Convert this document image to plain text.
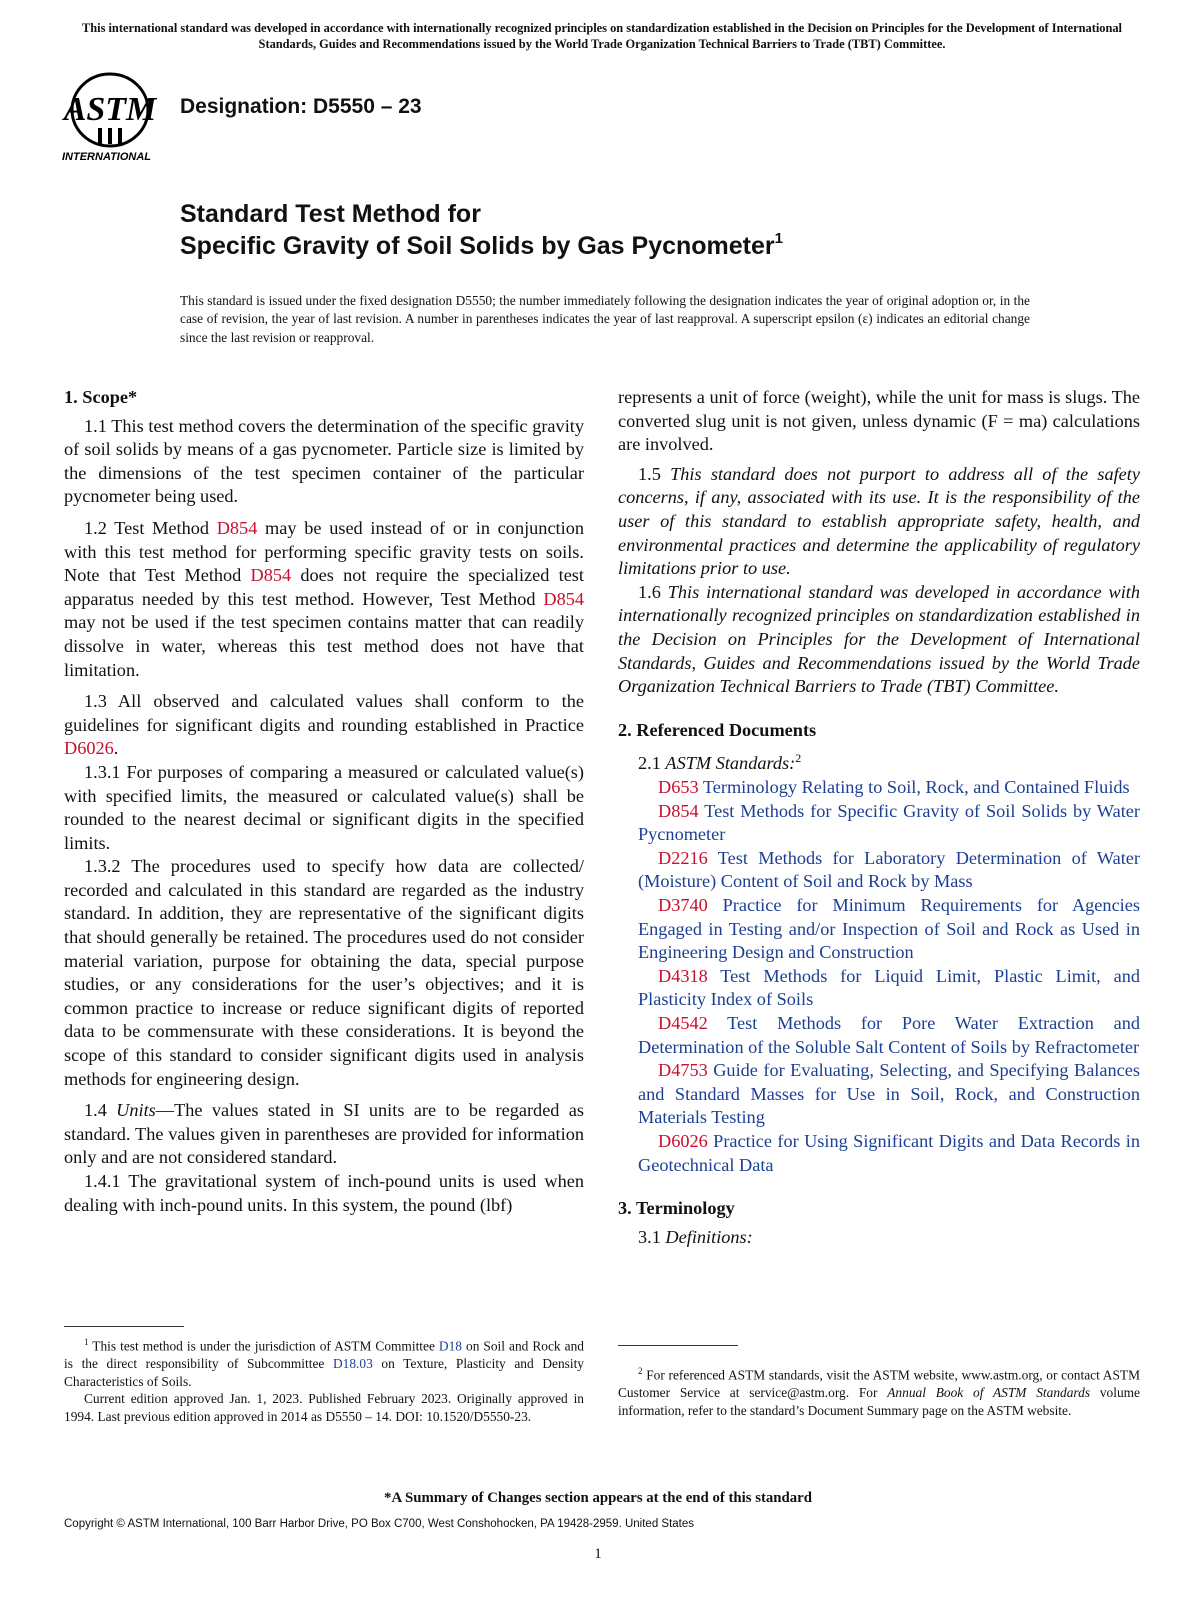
This international standard was developed in accordance with internationally recognized principles on standardization established in the Decision on Principles for the Development of International Standards, Guides and Recommendations issued by the World Trade Organization Technical Barriers to Trade (TBT) Committee.
ASTM
INTERNATIONAL
Designation: D5550 – 23
Standard Test Method for
Specific Gravity of Soil Solids by Gas Pycnometer$^1$
This standard is issued under the fixed designation D5550; the number immediately following the designation indicates the year of original adoption or, in the case of revision, the year of last revision. A number in parentheses indicates the year of last reapproval. A superscript epsilon (ε) indicates an editorial change since the last revision or reapproval.

1. Scope*

1.1 This test method covers the determination of the specific gravity of soil solids by means of a gas pycnometer. Particle size is limited by the dimensions of the test specimen container of the particular pycnometer being used.

1.2 Test Method D854 may be used instead of or in conjunction with this test method for performing specific gravity tests on soils. Note that Test Method D854 does not require the specialized test apparatus needed by this test method. However, Test Method D854 may not be used if the test specimen contains matter that can readily dissolve in water, whereas this test method does not have that limitation.

1.3 All observed and calculated values shall conform to the guidelines for significant digits and rounding established in Practice D6026.

1.3.1 For purposes of comparing a measured or calculated value(s) with specified limits, the measured or calculated value(s) shall be rounded to the nearest decimal or significant digits in the specified limits.

1.3.2 The procedures used to specify how data are collected/ recorded and calculated in this standard are regarded as the industry standard. In addition, they are representative of the significant digits that should generally be retained. The procedures used do not consider material variation, purpose for obtaining the data, special purpose studies, or any considerations for the user’s objectives; and it is common practice to increase or reduce significant digits of reported data to be commensurate with these considerations. It is beyond the scope of this standard to consider significant digits used in analysis methods for engineering design.

1.4 Units—The values stated in SI units are to be regarded as standard. The values given in parentheses are provided for information only and are not considered standard.

1.4.1 The gravitational system of inch-pound units is used when dealing with inch-pound units. In this system, the pound (lbf)

represents a unit of force (weight), while the unit for mass is slugs. The converted slug unit is not given, unless dynamic (F = ma) calculations are involved.

1.5 This standard does not purport to address all of the safety concerns, if any, associated with its use. It is the responsibility of the user of this standard to establish appropriate safety, health, and environmental practices and determine the applicability of regulatory limitations prior to use.

1.6 This international standard was developed in accordance with internationally recognized principles on standardization established in the Decision on Principles for the Development of International Standards, Guides and Recommendations issued by the World Trade Organization Technical Barriers to Trade (TBT) Committee.

2. Referenced Documents

2.1 ASTM Standards:$^2$

D653 Terminology Relating to Soil, Rock, and Contained Fluids

D854 Test Methods for Specific Gravity of Soil Solids by Water Pycnometer

D2216 Test Methods for Laboratory Determination of Water (Moisture) Content of Soil and Rock by Mass

D3740 Practice for Minimum Requirements for Agencies Engaged in Testing and/or Inspection of Soil and Rock as Used in Engineering Design and Construction

D4318 Test Methods for Liquid Limit, Plastic Limit, and Plasticity Index of Soils

D4542 Test Methods for Pore Water Extraction and Determination of the Soluble Salt Content of Soils by Refractometer

D4753 Guide for Evaluating, Selecting, and Specifying Balances and Standard Masses for Use in Soil, Rock, and Construction Materials Testing

D6026 Practice for Using Significant Digits and Data Records in Geotechnical Data

3. Terminology

3.1 Definitions:

$^1$ This test method is under the jurisdiction of ASTM Committee D18 on Soil and Rock and is the direct responsibility of Subcommittee D18.03 on Texture, Plasticity and Density Characteristics of Soils.

Current edition approved Jan. 1, 2023. Published February 2023. Originally approved in 1994. Last previous edition approved in 2014 as D5550 – 14. DOI: 10.1520/D5550-23.

$^2$ For referenced ASTM standards, visit the ASTM website, www.astm.org, or contact ASTM Customer Service at service@astm.org. For Annual Book of ASTM Standards volume information, refer to the standard’s Document Summary page on the ASTM website.

*A Summary of Changes section appears at the end of this standard
Copyright © ASTM International, 100 Barr Harbor Drive, PO Box C700, West Conshohocken, PA 19428-2959. United States
1
